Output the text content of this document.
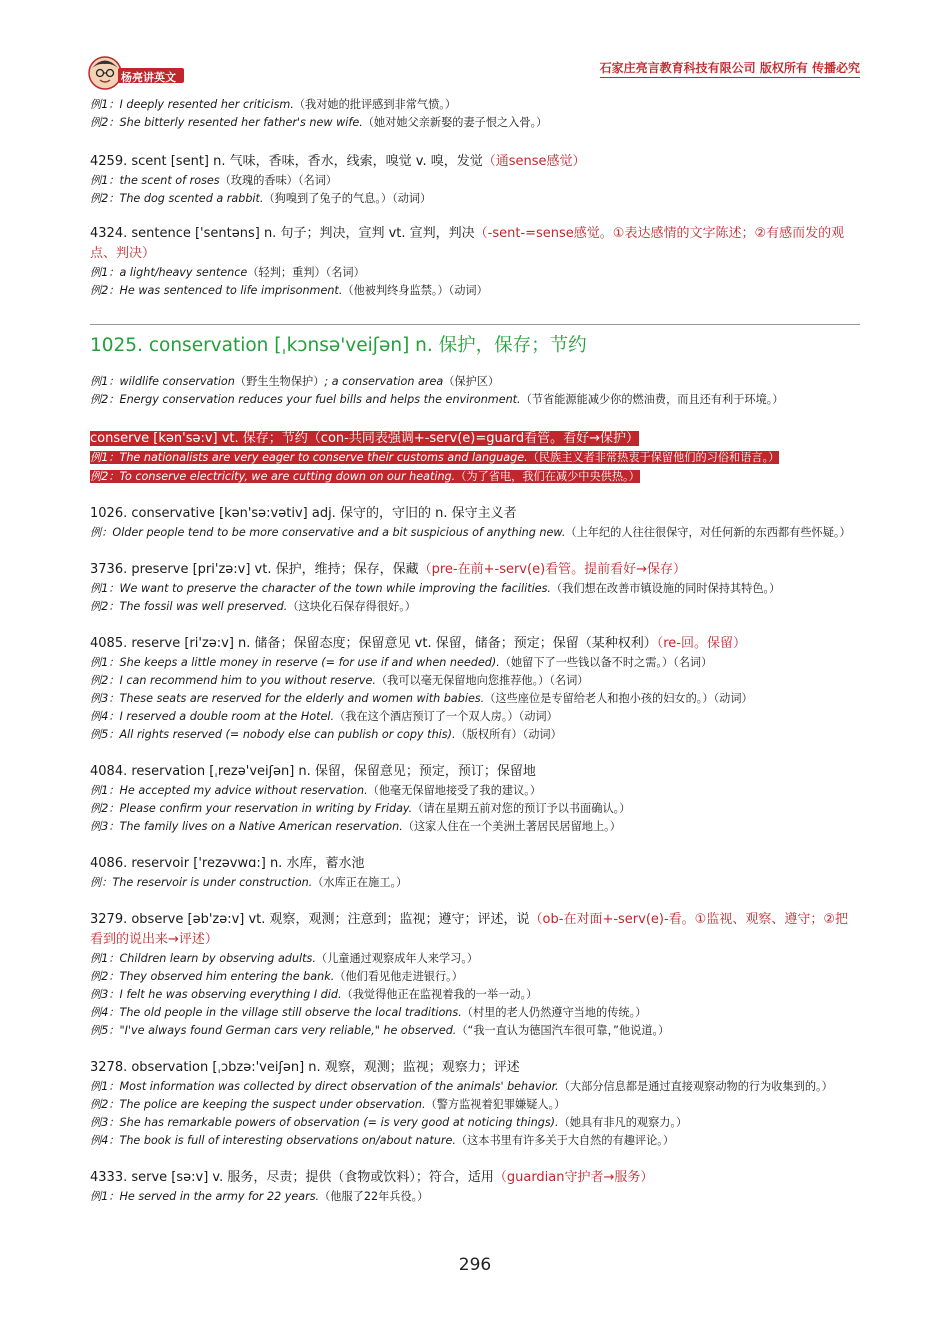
杨亮讲英文
石家庄亮言教育科技有限公司 版权所有 传播必究
例1：I deeply resented her criticism.（我对她的批评感到非常气愤。）
例2：She bitterly resented her father's new wife.（她对她父亲新娶的妻子恨之入骨。）
4259. scent [sent] n. 气味，香味，香水，线索，嗅觉 v. 嗅，发觉（通sense感觉）
例1：the scent of roses（玫瑰的香味）（名词）
例2：The dog scented a rabbit.（狗嗅到了兔子的气息。）（动词）
4324. sentence ['sentəns] n. 句子；判决，宣判 vt. 宣判，判决（-sent-=sense感觉。①表达感情的文字陈述；②有感而发的观点、判决）
例1：a light/heavy sentence（轻判；重判）（名词）
例2：He was sentenced to life imprisonment.（他被判终身监禁。）（动词）
1025. conservation [ˌkɔnsə'veiʃən] n. 保护，保存；节约
例1：wildlife conservation（野生生物保护）; a conservation area（保护区）
例2：Energy conservation reduces your fuel bills and helps the environment.（节省能源能减少你的燃油费，而且还有利于环境。）
conserve [kən'sə:v] vt. 保存；节约（con-共同表强调+-serv(e)=guard看管。看好→保护）
例1：The nationalists are very eager to conserve their customs and language.（民族主义者非常热衷于保留他们的习俗和语言。）
例2：To conserve electricity, we are cutting down on our heating.（为了省电，我们在减少中央供热。）
1026. conservative [kən'sə:vətiv] adj. 保守的，守旧的 n. 保守主义者
例：Older people tend to be more conservative and a bit suspicious of anything new.（上年纪的人往往很保守，对任何新的东西都有些怀疑。）
3736. preserve [pri'zə:v] vt. 保护，维持；保存，保藏（pre-在前+-serv(e)看管。提前看好→保存）
例1：We want to preserve the character of the town while improving the facilities.（我们想在改善市镇设施的同时保持其特色。）
例2：The fossil was well preserved.（这块化石保存得很好。）
4085. reserve [ri'zə:v] n. 储备；保留态度；保留意见 vt. 保留，储备；预定；保留（某种权利）（re-回。保留）
例1：She keeps a little money in reserve (= for use if and when needed).（她留下了一些钱以备不时之需。）（名词）
例2：I can recommend him to you without reserve.（我可以毫无保留地向您推荐他。）（名词）
例3：These seats are reserved for the elderly and women with babies.（这些座位是专留给老人和抱小孩的妇女的。）（动词）
例4：I reserved a double room at the Hotel.（我在这个酒店预订了一个双人房。）（动词）
例5：All rights reserved (= nobody else can publish or copy this).（版权所有）（动词）
4084. reservation [ˌrezə'veiʃən] n. 保留，保留意见；预定，预订；保留地
例1：He accepted my advice without reservation.（他毫无保留地接受了我的建议。）
例2：Please confirm your reservation in writing by Friday.（请在星期五前对您的预订予以书面确认。）
例3：The family lives on a Native American reservation.（这家人住在一个美洲土著居民居留地上。）
4086. reservoir ['rezəvwɑ:] n. 水库，蓄水池
例：The reservoir is under construction.（水库正在施工。）
3279. observe [əb'zə:v] vt. 观察，观测；注意到；监视；遵守；评述，说（ob-在对面+-serv(e)-看。①监视、观察、遵守；②把看到的说出来→评述）
例1：Children learn by observing adults.（儿童通过观察成年人来学习。）
例2：They observed him entering the bank.（他们看见他走进银行。）
例3：I felt he was observing everything I did.（我觉得他正在监视着我的一举一动。）
例4：The old people in the village still observe the local traditions.（村里的老人仍然遵守当地的传统。）
例5："I've always found German cars very reliable," he observed.（“我一直认为德国汽车很可靠，”他说道。）
3278. observation [ˌɔbzə:'veiʃən] n. 观察，观测；监视；观察力；评述
例1：Most information was collected by direct observation of the animals' behavior.（大部分信息都是通过直接观察动物的行为收集到的。）
例2：The police are keeping the suspect under observation.（警方监视着犯罪嫌疑人。）
例3：She has remarkable powers of observation (= is very good at noticing things).（她具有非凡的观察力。）
例4：The book is full of interesting observations on/about nature.（这本书里有许多关于大自然的有趣评论。）
4333. serve [sə:v] v. 服务，尽责；提供（食物或饮料）；符合，适用（guardian守护者→服务）
例1：He served in the army for 22 years.（他服了22年兵役。）
296
